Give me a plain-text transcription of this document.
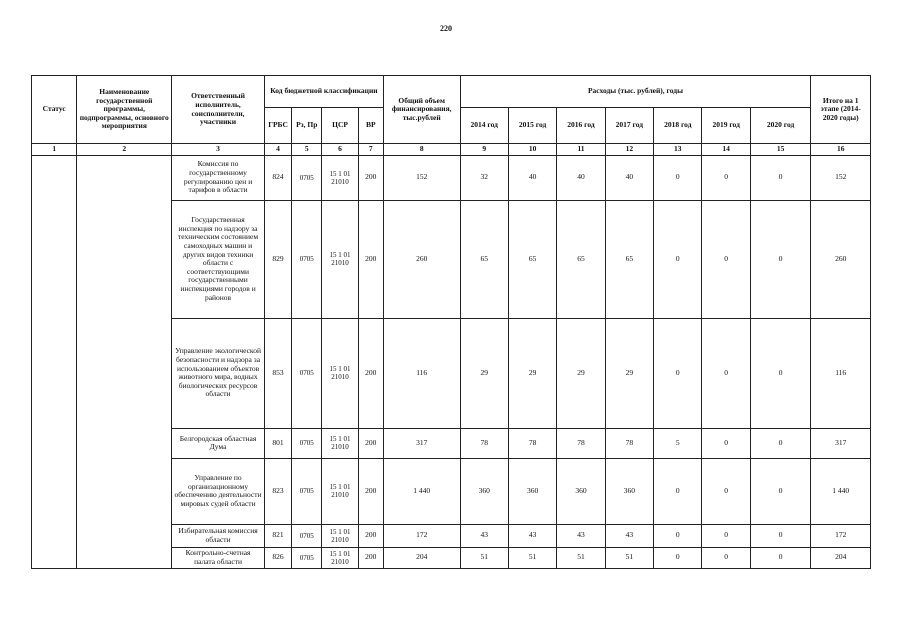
220
Статус	Наименование государственной программы, подпрограммы, основного мероприятия	Ответственный исполнитель, соисполнители, участники	Код бюджетной классификации				Общий объем финансирования, тыс.рублей	Расходы (тыс. рублей), годы							Итого на 1 этапе (2014-2020 годы)
			ГРБС	Рз, Пр	ЦСР	ВР		2014 год	2015 год	2016 год	2017 год	2018 год	2019 год	2020 год	
1	2	3	4	5	6	7	8	9	10	11	12	13	14	15	16
		Комиссия по государственному регулированию цен и тарифов в области	824	0705	15 1 01 21010	200	152	32	40	40	40	0	0	0	152
		Государственная инспекция по надзору за техническим состоянием самоходных машин и других видов техники области с соответствующими государственными инспекциями городов и районов	829	0705	15 1 01 21010	200	260	65	65	65	65	0	0	0	260
		Управление экологической безопасности и надзора за использованием объектов животного мира, водных биологических ресурсов области	853	0705	15 1 01 21010	200	116	29	29	29	29	0	0	0	116
		Белгородская областная Дума	801	0705	15 1 01 21010	200	317	78	78	78	78	5	0	0	317
		Управление по организационному обеспечению деятельности мировых судей области	823	0705	15 1 01 21010	200	1 440	360	360	360	360	0	0	0	1 440
		Избирательная комиссия области	821	0705	15 1 01 21010	200	172	43	43	43	43	0	0	0	172
		Контрольно-счетная палата области	826	0705	15 1 01 21010	200	204	51	51	51	51	0	0	0	204
